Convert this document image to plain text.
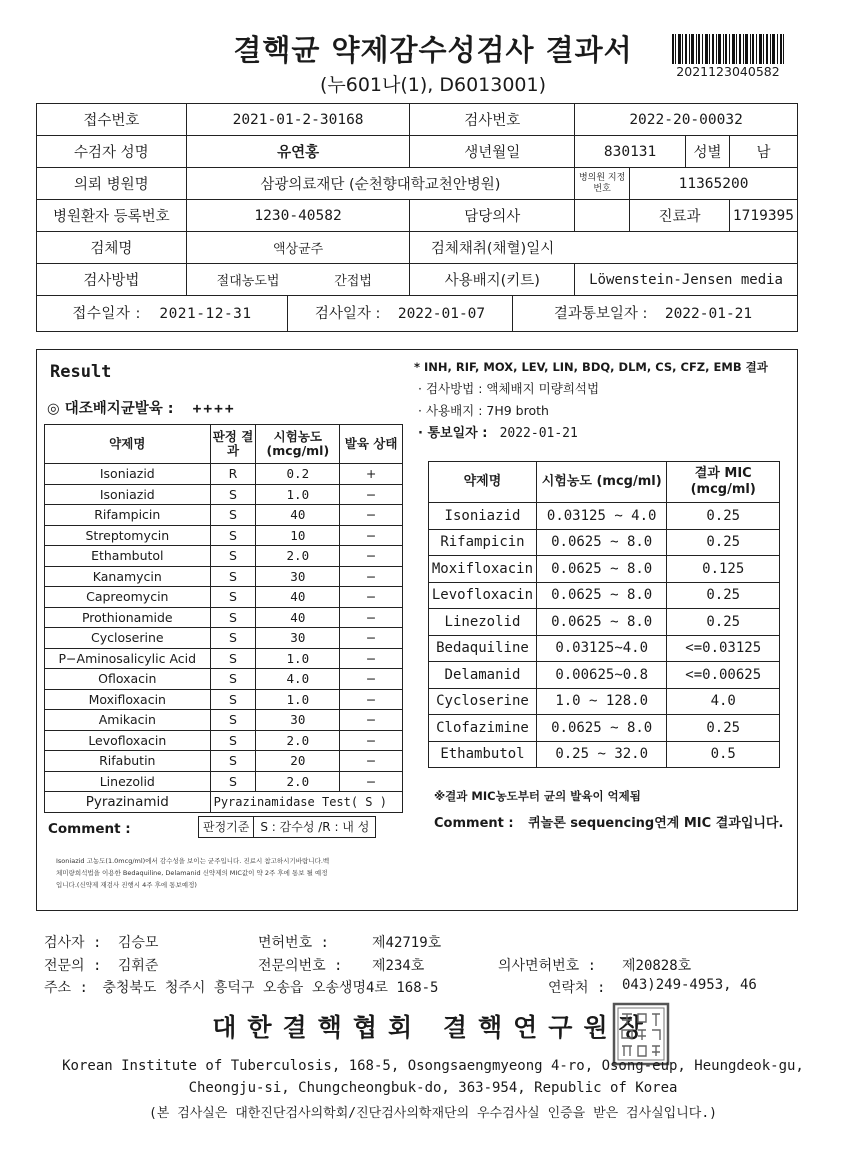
결핵균 약제감수성검사 결과서
(누601나(1), D6013001)
2021123040582
접수번호	2021-01-2-30168	검사번호	2022-20-00032			
수검자 성명	유연홍	생년월일	830131		성별	남
의뢰 병원명	삼광의료재단 (순천향대학교천안병원)		병의원 지정번호	11365200		
병원환자 등록번호	1230-40582	담당의사		진료과		1719395
검체명	액상균주	검체채취(채혈)일시				
검사방법	절대농도법 간접법	사용배지(키트)	Löwenstein-Jensen media			
접수일자 : 2021-12-31 검사일자 : 2022-01-07 결과통보일자 : 2022-01-21						
Result
◎ 대조배지균발육 : ++++
약제명	판정 결과	시험농도 (mcg/ml)	발육 상태
Isoniazid	R	0.2	+
Isoniazid	S	1.0	−
Rifampicin	S	40	−
Streptomycin	S	10	−
Ethambutol	S	2.0	−
Kanamycin	S	30	−
Capreomycin	S	40	−
Prothionamide	S	40	−
Cycloserine	S	30	−
P−Aminosalicylic Acid	S	1.0	−
Ofloxacin	S	4.0	−
Moxifloxacin	S	1.0	−
Amikacin	S	30	−
Levofloxacin	S	2.0	−
Rifabutin	S	20	−
Linezolid	S	2.0	−
Pyrazinamid	Pyrazinamidase Test( S )		
Comment :	판정기준 S : 감수성 /R : 내 성
Isoniazid 고농도(1.0mcg/ml)에서 감수성을 보이는 균주입니다. 진료시 참고하시기바랍니다.벡
체미량희석법을 이용한 Bedaquiline, Delamanid 신약제의 MIC값이 약 2주 후에 통보 될 예정
입니다.(신약제 재검사 진행시 4주 후에 통보예정)
* INH, RIF, MOX, LEV, LIN, BDQ, DLM, CS, CFZ, EMB 결과
· 검사방법 : 액체배지 미량희석법
· 사용배지 : 7H9 broth
· 통보일자 : 2022-01-21
약제명	시험농도 (mcg/ml)	결과 MIC (mcg/ml)
Isoniazid	0.03125 ~ 4.0	0.25
Rifampicin	0.0625 ~ 8.0	0.25
Moxifloxacin	0.0625 ~ 8.0	0.125
Levofloxacin	0.0625 ~ 8.0	0.25
Linezolid	0.0625 ~ 8.0	0.25
Bedaquiline	0.03125~4.0	<=0.03125
Delamanid	0.00625~0.8	<=0.00625
Cycloserine	1.0 ~ 128.0	4.0
Clofazimine	0.0625 ~ 8.0	0.25
Ethambutol	0.25 ~ 32.0	0.5
※결과 MIC농도부터 균의 발육이 억제됨
Comment : 퀴놀론 sequencing연계 MIC 결과입니다.
검사자 : 김승모	면허번호 :	제42719호
전문의 : 김휘준	전문의번호 : 제234호	의사면허번호 : 제20828호
주소 : 충청북도 청주시 흥덕구 오송읍 오송생명4로 168-5	연락처 : 043)249-4953, 46
대한결핵협회 결핵연구원장
Korean Institute of Tuberculosis, 168-5, Osongsaengmyeong 4-ro, Osong-eup, Heungdeok-gu,
Cheongju-si, Chungcheongbuk-do, 363-954, Republic of Korea
(본 검사실은 대한진단검사의학회/진단검사의학재단의 우수검사실 인증을 받은 검사실입니다.)
